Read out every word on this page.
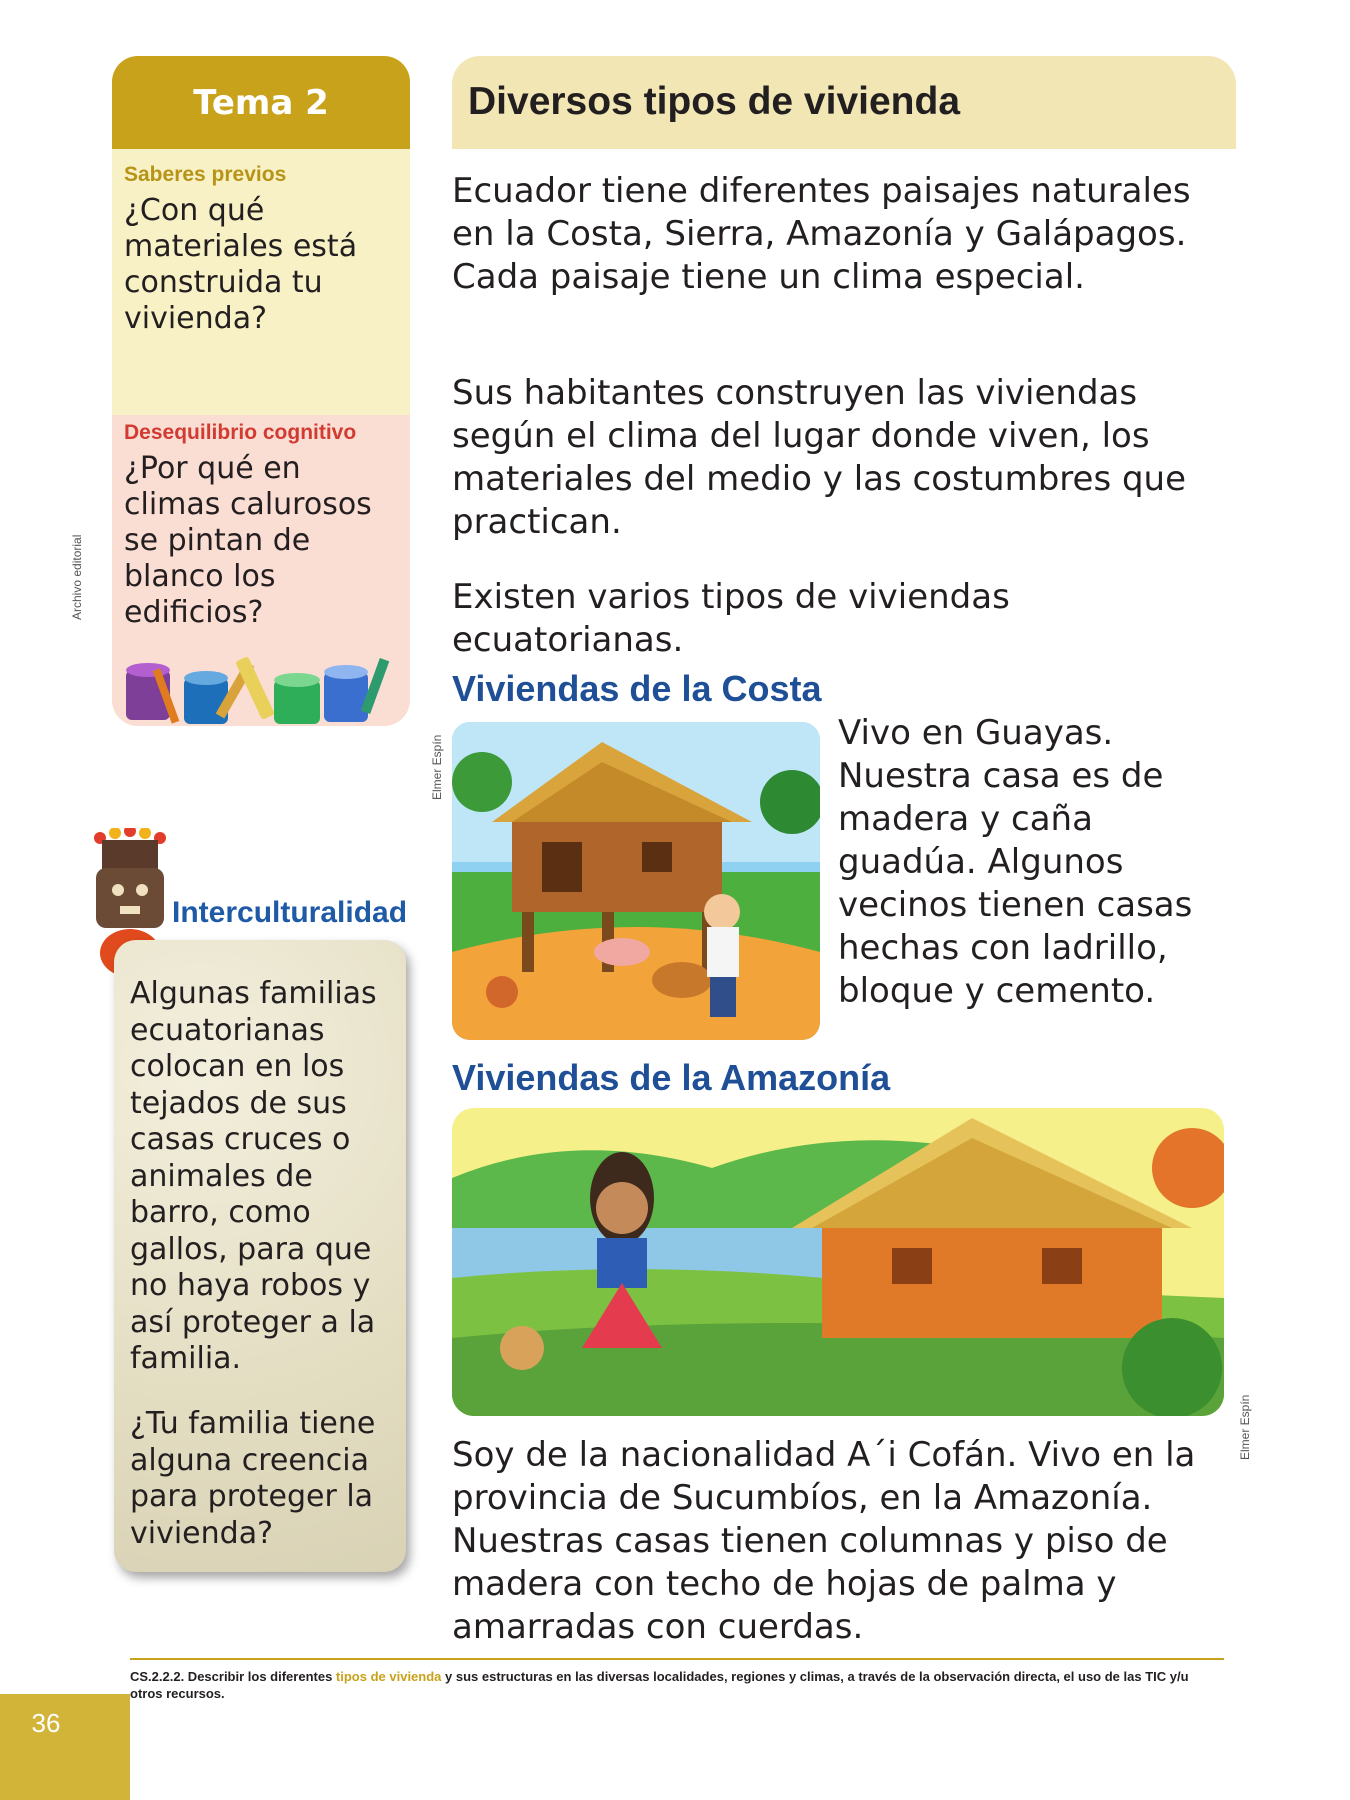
Tema 2
Saberes previos
¿Con qué materiales está construida tu vivienda?
Desequilibrio cognitivo
¿Por qué en climas calurosos se pintan de blanco los edificios?
Archivo editorial
Interculturalidad
Algunas familias ecuatorianas colocan en los tejados de sus casas cruces o animales de barro, como gallos, para que no haya robos y así proteger a la familia.
¿Tu familia tiene alguna creencia para proteger la vivienda?
Diversos tipos de vivienda
Ecuador tiene diferentes paisajes naturales en la Costa, Sierra, Amazonía y Galápagos. Cada paisaje tiene un clima especial.
Sus habitantes construyen las viviendas según el clima del lugar donde viven, los materiales del medio y las costumbres que practican.
Existen varios tipos de viviendas ecuatorianas.
Viviendas de la Costa
Elmer Espín
Vivo en Guayas. Nuestra casa es de madera y caña guadúa. Algunos vecinos tienen casas hechas con ladrillo, bloque y cemento.
Viviendas de la Amazonía
Elmer Espín
Soy de la nacionalidad A´i Cofán. Vivo en la provincia de Sucumbíos, en la Amazonía. Nuestras casas tienen columnas y piso de madera con techo de hojas de palma y amarradas con cuerdas.
CS.2.2.2. Describir los diferentes tipos de vivienda y sus estructuras en las diversas localidades, regiones y climas, a través de la observación directa, el uso de las TIC y/u otros recursos.
36
